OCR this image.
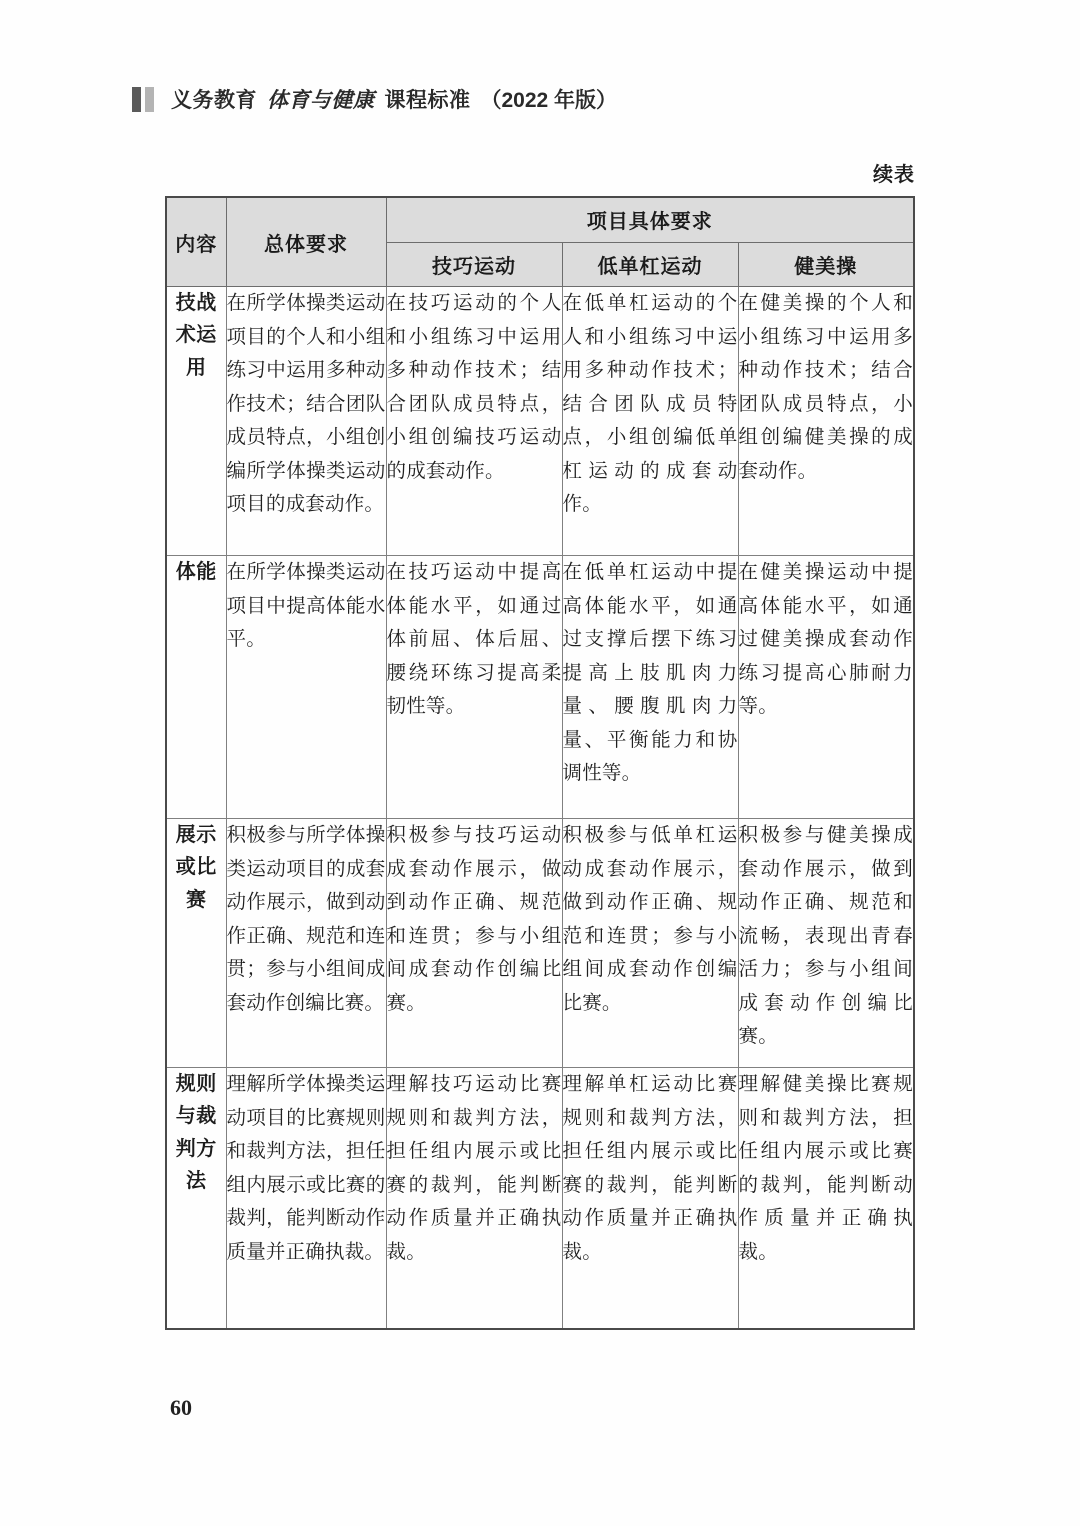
义务教育 体育与健康 课程标准 （2022 年版）
续表
内容	总体要求	项目具体要求		
		技巧运动	低单杠运动	健美操
技战术运用	在所学体操类运动项目的个人和小组练习中运用多种动作技术；结合团队成员特点，小组创编所学体操类运动项目的成套动作。	在技巧运动的个人和小组练习中运用多种动作技术；结合团队成员特点，小组创编技巧运动的成套动作。	在低单杠运动的个人和小组练习中运用多种动作技术；结合团队成员特点，小组创编低单杠运动的成套动作。	在健美操的个人和小组练习中运用多种动作技术；结合团队成员特点，小组创编健美操的成套动作。
体能	在所学体操类运动项目中提高体能水平。	在技巧运动中提高体能水平，如通过体前屈、体后屈、腰绕环练习提高柔韧性等。	在低单杠运动中提高体能水平，如通过支撑后摆下练习提高上肢肌肉力量、腰腹肌肉力量、平衡能力和协调性等。	在健美操运动中提高体能水平，如通过健美操成套动作练习提高心肺耐力等。
展示或比赛	积极参与所学体操类运动项目的成套动作展示，做到动作正确、规范和连贯；参与小组间成套动作创编比赛。	积极参与技巧运动成套动作展示，做到动作正确、规范和连贯；参与小组间成套动作创编比赛。	积极参与低单杠运动成套动作展示，做到动作正确、规范和连贯；参与小组间成套动作创编比赛。	积极参与健美操成套动作展示，做到动作正确、规范和流畅，表现出青春活力；参与小组间成套动作创编比赛。
规则与裁判方法	理解所学体操类运动项目的比赛规则和裁判方法，担任组内展示或比赛的裁判，能判断动作质量并正确执裁。	理解技巧运动比赛规则和裁判方法，担任组内展示或比赛的裁判，能判断动作质量并正确执裁。	理解单杠运动比赛规则和裁判方法，担任组内展示或比赛的裁判，能判断动作质量并正确执裁。	理解健美操比赛规则和裁判方法，担任组内展示或比赛的裁判，能判断动作质量并正确执裁。
60
